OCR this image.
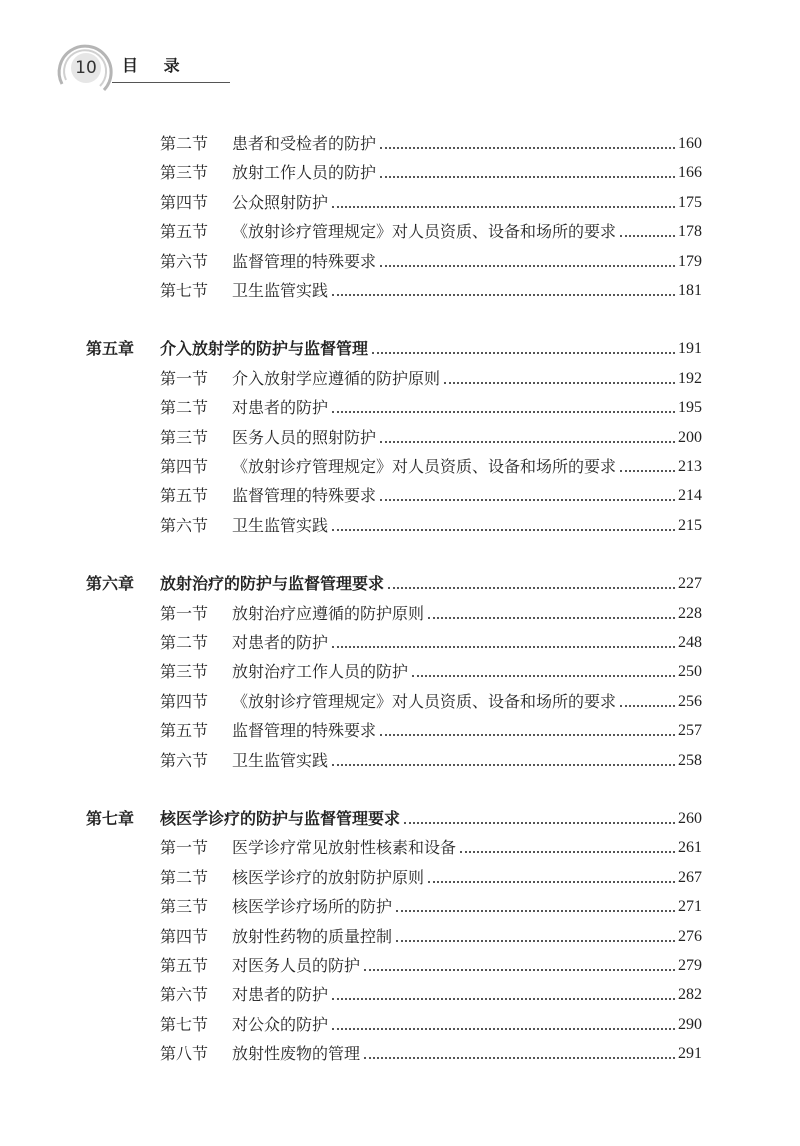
10	目 录
第二节	患者和受检者的防护	160
第三节	放射工作人员的防护	166
第四节	公众照射防护	175
第五节	《放射诊疗管理规定》对人员资质、设备和场所的要求	178
第六节	监督管理的特殊要求	179
第七节	卫生监管实践	181
第五章	介入放射学的防护与监督管理	191
第一节	介入放射学应遵循的防护原则	192
第二节	对患者的防护	195
第三节	医务人员的照射防护	200
第四节	《放射诊疗管理规定》对人员资质、设备和场所的要求	213
第五节	监督管理的特殊要求	214
第六节	卫生监管实践	215
第六章	放射治疗的防护与监督管理要求	227
第一节	放射治疗应遵循的防护原则	228
第二节	对患者的防护	248
第三节	放射治疗工作人员的防护	250
第四节	《放射诊疗管理规定》对人员资质、设备和场所的要求	256
第五节	监督管理的特殊要求	257
第六节	卫生监管实践	258
第七章	核医学诊疗的防护与监督管理要求	260
第一节	医学诊疗常见放射性核素和设备	261
第二节	核医学诊疗的放射防护原则	267
第三节	核医学诊疗场所的防护	271
第四节	放射性药物的质量控制	276
第五节	对医务人员的防护	279
第六节	对患者的防护	282
第七节	对公众的防护	290
第八节	放射性废物的管理	291
